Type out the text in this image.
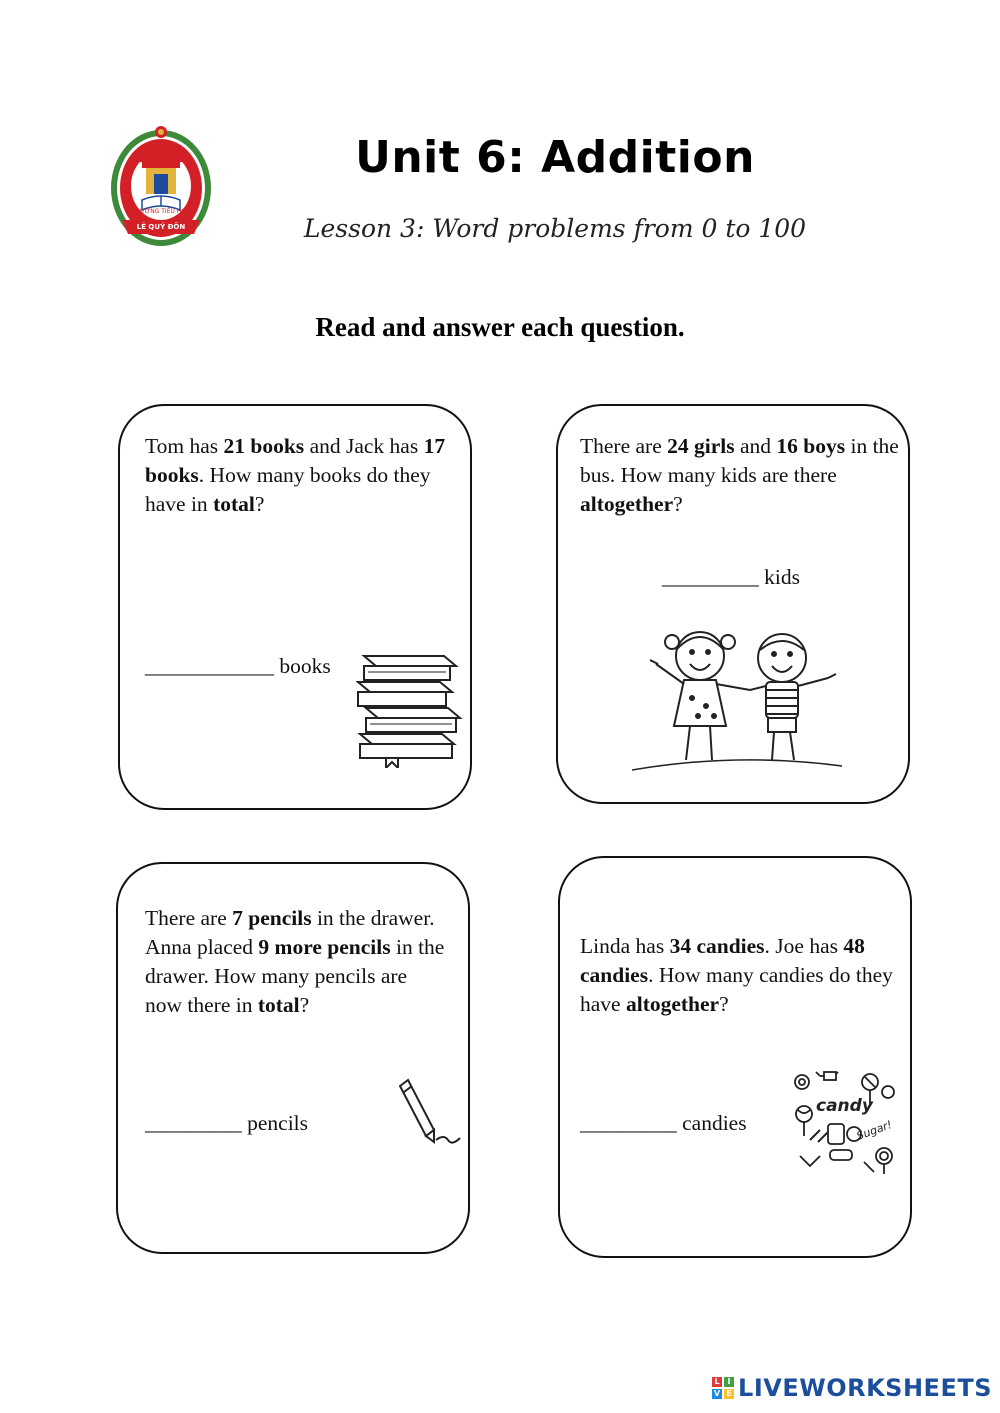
TRƯỜNG TIỂU HỌC
LÊ QUÝ ĐÔN
Unit 6: Addition
Lesson 3: Word problems from 0 to 100
Read and answer each question.
Tom has 21 books and Jack has 17 books. How many books do they have in total?
____________ books
There are 24 girls and 16 boys in the bus. How many kids are there altogether?
_________ kids
There are 7 pencils in the drawer. Anna placed 9 more pencils in the drawer. How many pencils are now there in total?
_________ pencils
Linda has 34 candies. Joe has 48 candies. How many candies do they have altogether?
_________ candies
candy
Sugar!
L I
V E LIVEWORKSHEETS
